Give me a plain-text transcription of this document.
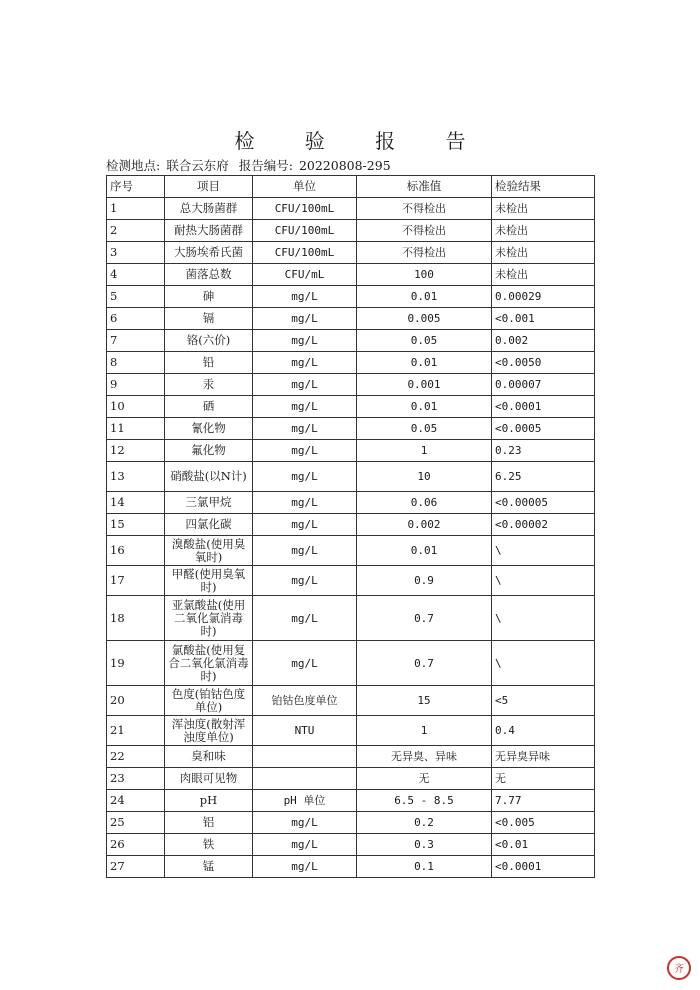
检 验 报 告
检测地点: 联合云东府 报告编号: 20220808-295
序号	项目	单位	标准值	检验结果
1	总大肠菌群	CFU/100mL	不得检出	未检出
2	耐热大肠菌群	CFU/100mL	不得检出	未检出
3	大肠埃希氏菌	CFU/100mL	不得检出	未检出
4	菌落总数	CFU/mL	100	未检出
5	砷	mg/L	0.01	0.00029
6	镉	mg/L	0.005	<0.001
7	铬(六价)	mg/L	0.05	0.002
8	铅	mg/L	0.01	<0.0050
9	汞	mg/L	0.001	0.00007
10	硒	mg/L	0.01	<0.0001
11	氰化物	mg/L	0.05	<0.0005
12	氟化物	mg/L	1	0.23
13	硝酸盐(以N计)	mg/L	10	6.25
14	三氯甲烷	mg/L	0.06	<0.00005
15	四氯化碳	mg/L	0.002	<0.00002
16	溴酸盐(使用臭氧时)	mg/L	0.01	\
17	甲醛(使用臭氧时)	mg/L	0.9	\
18	亚氯酸盐(使用二氧化氯消毒时)	mg/L	0.7	\
19	氯酸盐(使用复合二氧化氯消毒时)	mg/L	0.7	\
20	色度(铂钴色度单位)	铂钴色度单位	15	<5
21	浑浊度(散射浑浊度单位)	NTU	1	0.4
22	臭和味		无异臭、异味	无异臭异味
23	肉眼可见物		无	无
24	pH	pH 单位	6.5 - 8.5	7.77
25	铝	mg/L	0.2	<0.005
26	铁	mg/L	0.3	<0.01
27	锰	mg/L	0.1	<0.0001
齐
